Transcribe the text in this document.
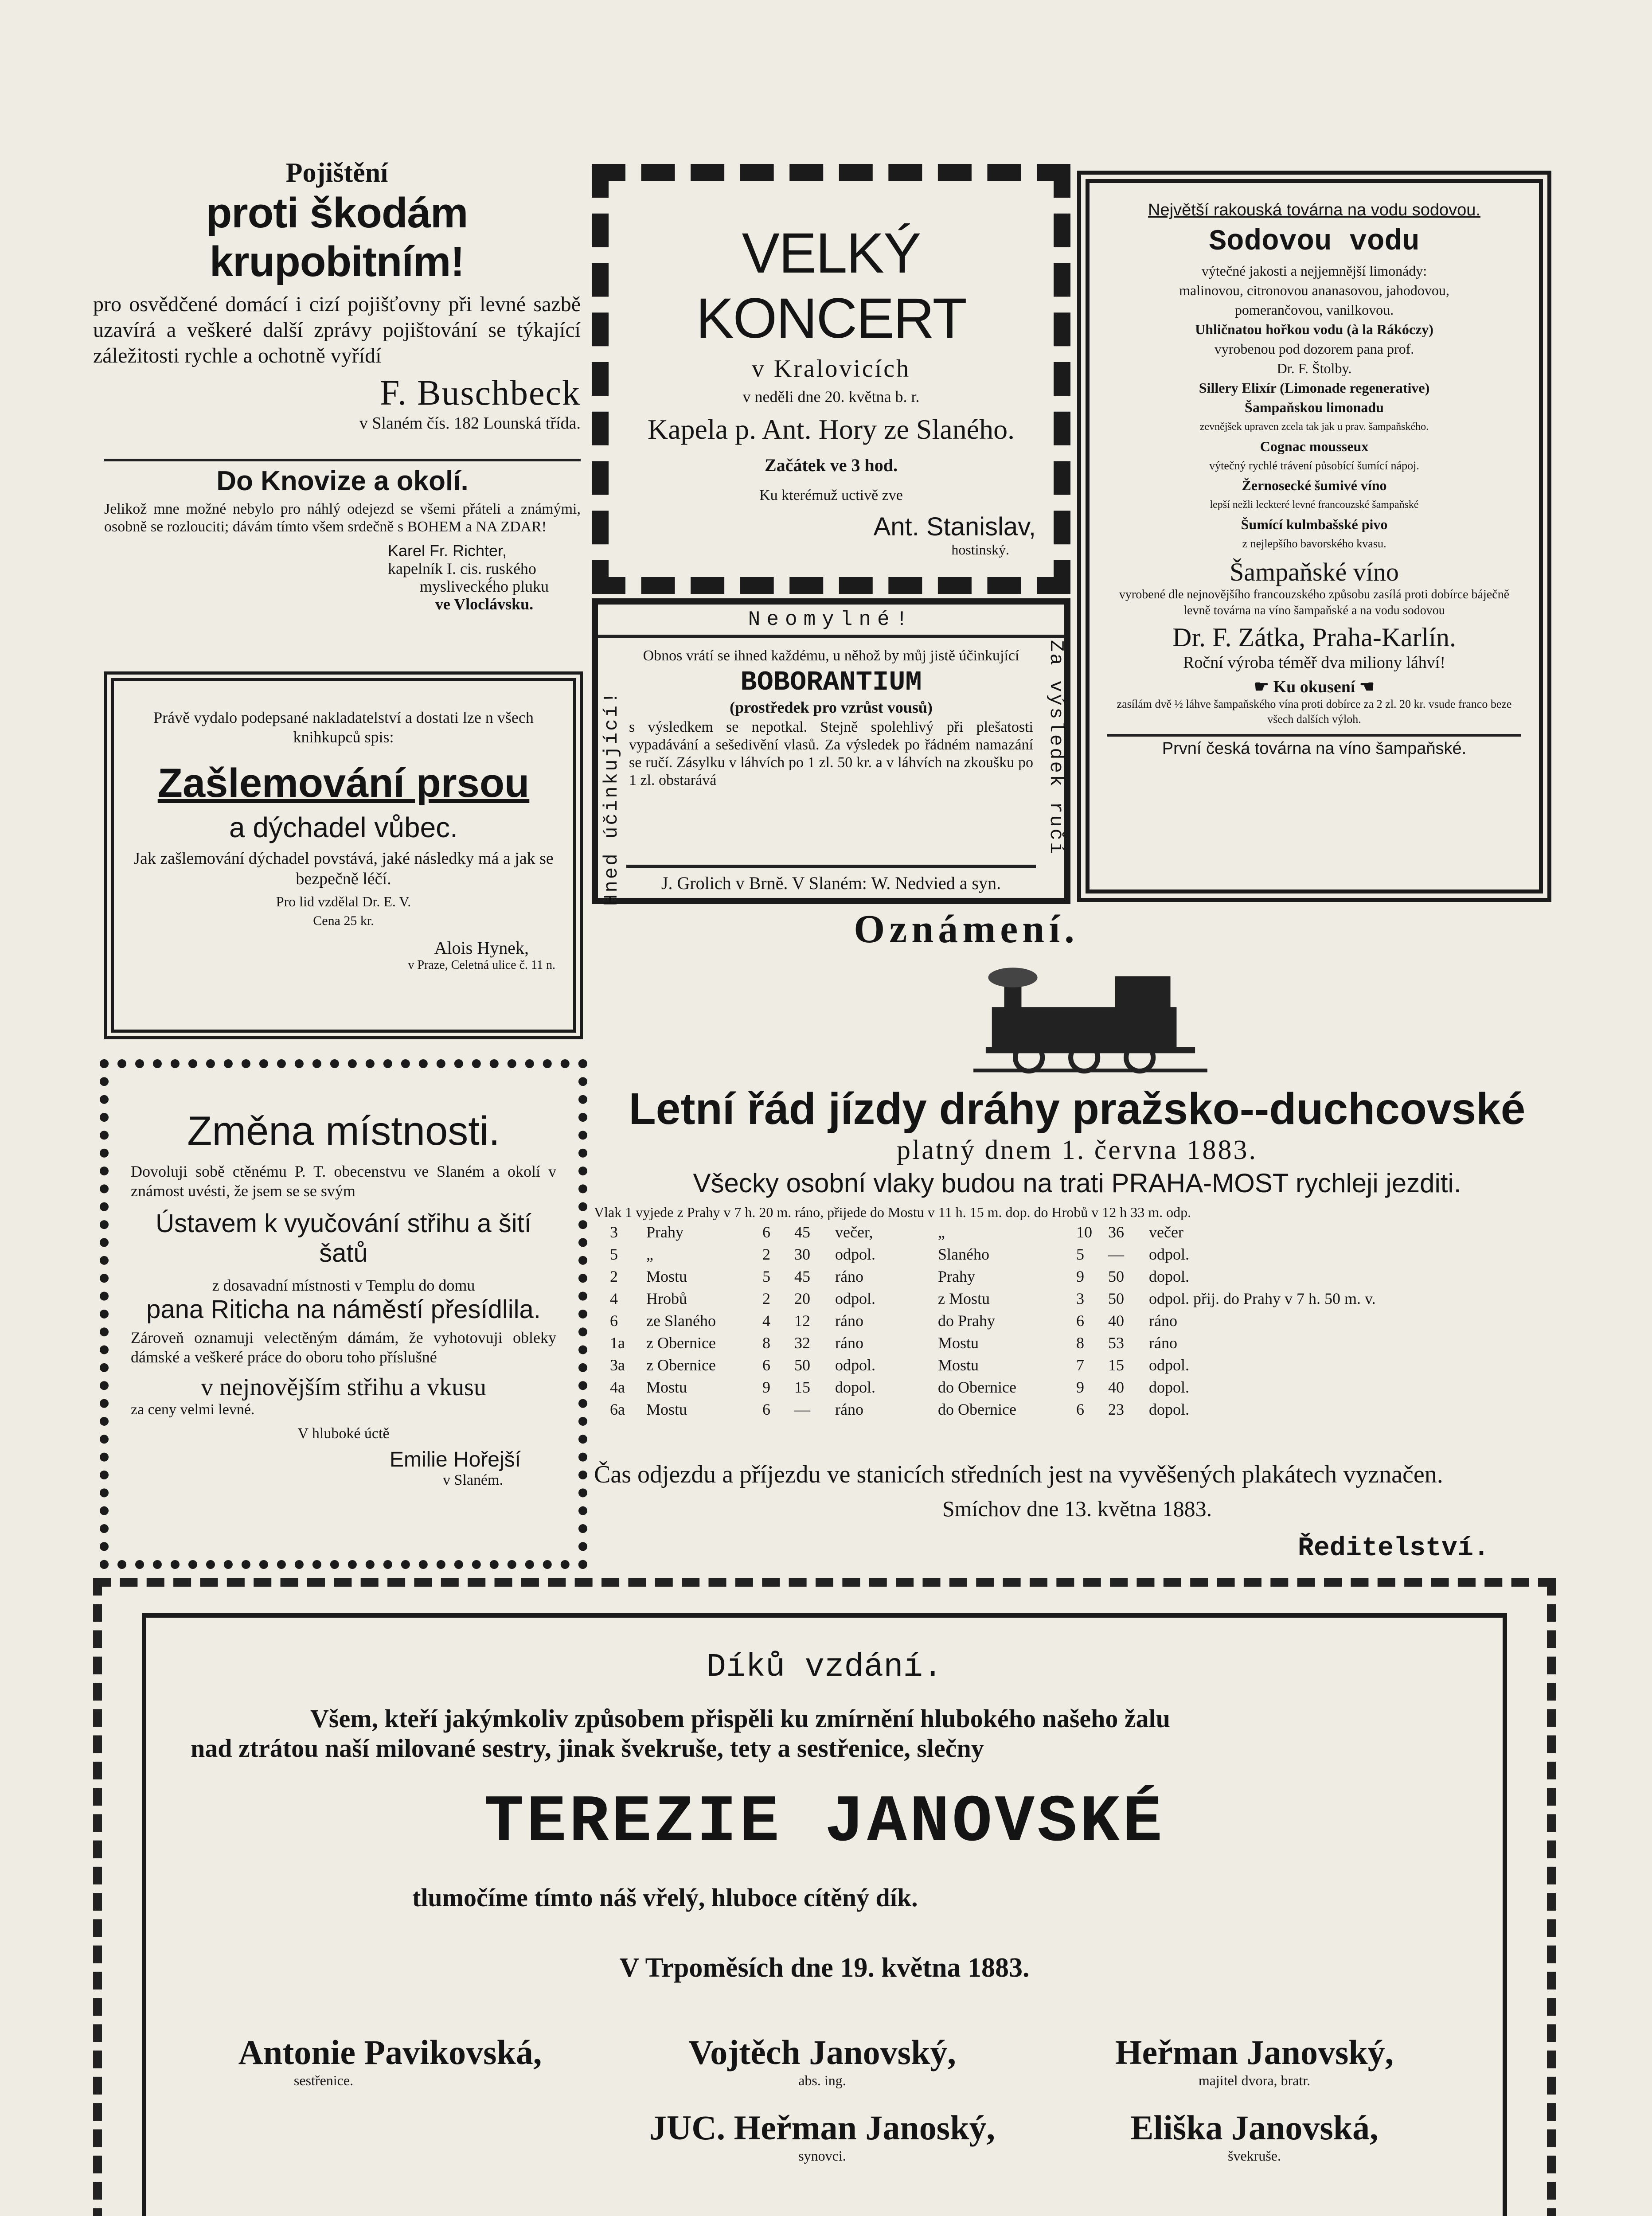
Pojištění
proti škodám krupobitním!

pro osvědčené domácí i cizí pojišťovny při levné sazbě uzavírá a veškeré další zprávy pojištování se týkající záležitosti rychle a ochotně vyřídí

F. Buschbeck
v Slaném čís. 182 Lounská třída.
Do Knovize a okolí.

Jelikož mne možné nebylo pro náhlý odejezd se všemi přáteli a známými, osobně se rozlouciti; dávám tímto všem srdečně s BOHEM a NA ZDAR!

Karel Fr. Richter,
kapelník I. cis. ruského
myslivecké́ho pluku
ve Vloclávsku.

Právě vydalo podepsané nakladatelství a dostati lze n všech knihkupců spis:

Zašlemování prsou
a dýchadel vůbec.

Jak zašlemování dýchadel povstává, jaké následky má a jak se bezpečně léčí.

Pro lid vzdělal Dr. E. V.
Cena 25 kr.
Alois Hynek,
v Praze, Celetná ulice č. 11 n.
Změna místnosti.

Dovoluji sobě ctěnému P. T. obecenstvu ve Slaném a okolí v známost uvésti, že jsem se se svým

Ústavem k vyučování střihu a šití šatů

z dosavadní místnosti v Templu do domu

pana Riticha na náměstí přesídlila.

Zároveň oznamuji velectěným dámám, že vyhotovuji obleky dámské a veškeré práce do oboru toho příslušné

v nejnovějším střihu a vkusu
za ceny velmi levné.
V hluboké úctě
Emilie Hořejší
v Slaném.
VELKÝ KONCERT
v Kralovicích
v neděli dne 20. května b. r.
Kapela p. Ant. Hory ze Slaného.
Začátek ve 3 hod.
Ku kterémuž uctivě zve
Ant. Stanislav,
hostinský.
Neomylné!
Hned účinkující!	Za výsledek ručí

Obnos vrátí se ihned každému, u něhož by můj jistě účinkující

BOBORANTIUM
(prostředek pro vzrůst vousů)

s výsledkem se nepotkal. Stejně spolehlivý při plešatosti vypadávání a sešedivění vlasů. Za výsledek po řádném namazání se ručí. Zásylku v láhvích po 1 zl. 50 kr. a v láhvích na zkoušku po 1 zl. obstarává

J. Grolich v Brně. V Slaném: W. Nedvied a syn.
Největší rakouská továrna na vodu sodovou.
Sodovou vodu
výtečné jakosti a nejjemnější limonády:
malinovou, citronovou ananasovou, jahodovou,
pomerančovou, vanilkovou.
Uhličnatou hořkou vodu (à la Rákóczy)
vyrobenou pod dozorem pana prof.
Dr. F. Štolby.
Sillery Elixír (Limonade regenerative)
Šampaňskou limonadu
zevnějšek upraven zcela tak jak u prav. šampaňského.
Cognac mousseux
výtečný rychlé trávení působící šumící nápoj.
Žernosecké šumivé víno
lepší nežli leckteré levné francouzské šampaňské
Šumící kulmbašské pivo
z nejlepšího bavorského kvasu.
Šampaňské víno

vyrobené dle nejnovějšího francouzského způsobu zasílá proti dobírce báječně levně továrna na víno šampaňské a na vodu sodovou

Dr. F. Zátka, Praha-Karlín.
Roční výroba téměř dva miliony láhví!
☛ Ku okusení ☚

zasílám dvě ½ láhve šampaňského vína proti dobírce za 2 zl. 20 kr. vsude franco beze všech dalších výloh.

První česká továrna na víno šampaňské.
Oznámení.
Letní řád jízdy dráhy pražsko--duchcovské
platný dnem 1. června 1883.
Všecky osobní vlaky budou na trati PRAHA-MOST rychleji jezditi.
Vlak 1 vyjede z Prahy v 7 h. 20 m. ráno, přijede do Mostu v 11 h. 15 m. dop. do Hrobů v 12 h 33 m. odp.
3	Prahy	6	45	večer,	„	10	36	večer
5	„	2	30	odpol.	Slaného	5	—	odpol.
2	Mostu	5	45	ráno	Prahy	9	50	dopol.
4	Hrobů	2	20	odpol.	z Mostu	3	50	odpol. přij. do Prahy v 7 h. 50 m. v.
6	ze Slaného	4	12	ráno	do Prahy	6	40	ráno
1a	z Obernice	8	32	ráno	Mostu	8	53	ráno
3a	z Obernice	6	50	odpol.	Mostu	7	15	odpol.
4a	Mostu	9	15	dopol.	do Obernice	9	40	dopol.
6a	Mostu	6	—	ráno	do Obernice	6	23	dopol.
Čas odjezdu a příjezdu ve stanicích středních jest na vyvěšených plakátech vyznačen.
Smíchov dne 13. května 1883.
Ředitelství.
Díků vzdání.
Všem, kteří jakýmkoliv způsobem přispěli ku zmírnění hlubokého našeho žalu
nad ztrátou naší milované sestry, jinak švekruše, tety a sestřenice, slečny
TEREZIE JANOVSKÉ
tlumočíme tímto náš vřelý, hluboce cítěný dík.
V Trpoměsích dne 19. května 1883.
Antonie Pavikovská,
sestřenice.
Vojtěch Janovský,
abs. ing.
Heřman Janovský,
majitel dvora, bratr.
JUC. Heřman Janoský,
synovci.
Eliška Janovská,
švekruše.
